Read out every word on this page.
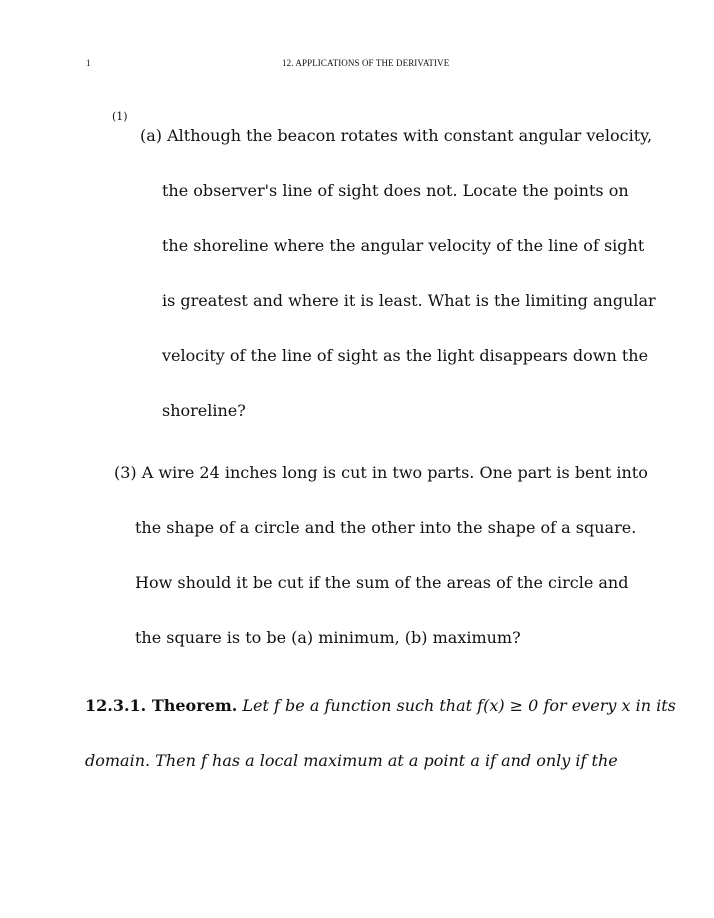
1	12. APPLICATIONS OF THE DERIVATIVE
(1)
(a) Although the beacon rotates with constant angular velocity,
the observer's line of sight does not. Locate the points on
the shoreline where the angular velocity of the line of sight
is greatest and where it is least. What is the limiting angular
velocity of the line of sight as the light disappears down the
shoreline?
(3) A wire 24 inches long is cut in two parts. One part is bent into
the shape of a circle and the other into the shape of a square.
How should it be cut if the sum of the areas of the circle and
the square is to be (a) minimum, (b) maximum?
12.3.1. Theorem. Let f be a function such that f(x) ≥ 0 for every x in its
domain. Then f has a local maximum at a point a if and only if the
